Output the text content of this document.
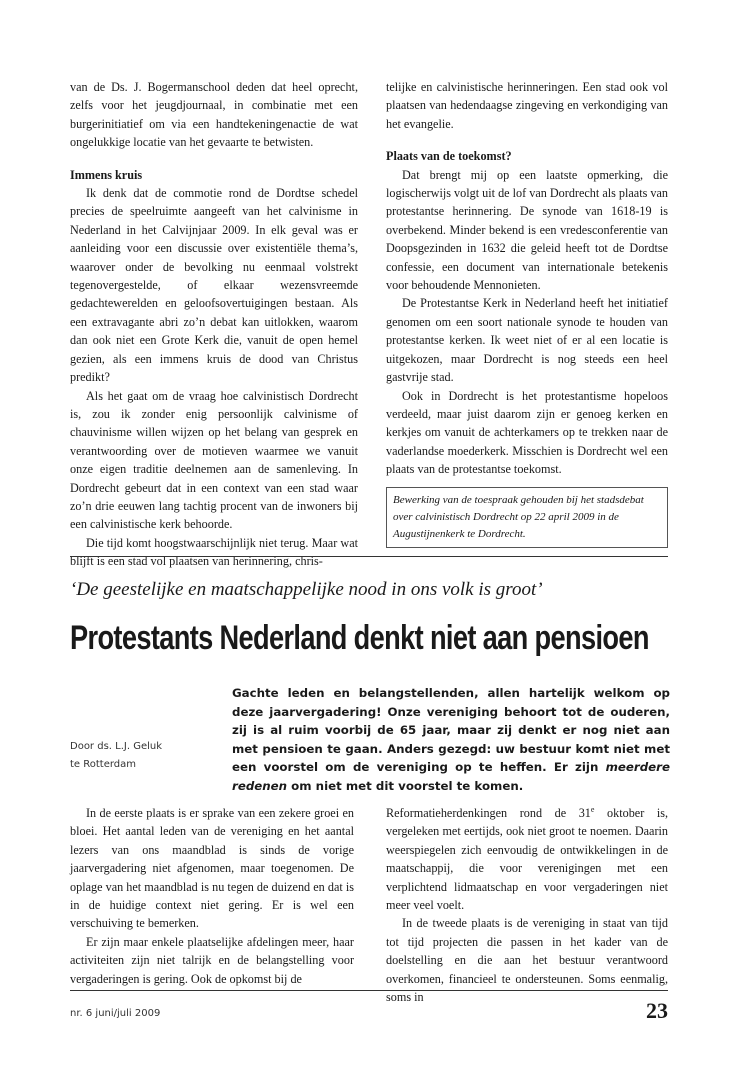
van de Ds. J. Bogermanschool deden dat heel oprecht, zelfs voor het jeugdjournaal, in combinatie met een burgerinitiatief om via een handtekeningenactie de wat ongelukkige locatie van het gevaarte te betwisten.

Immens kruis

Ik denk dat de commotie rond de Dordtse schedel precies de speelruimte aangeeft van het calvinisme in Nederland in het Calvijnjaar 2009. In elk geval was er aanleiding voor een discussie over existentiële thema’s, waarover onder de bevolking nu eenmaal volstrekt tegenovergestelde, of elkaar wezensvreemde gedachtewerelden en geloofsovertuigingen bestaan. Als een extravagante abri zo’n debat kan uitlokken, waarom dan ook niet een Grote Kerk die, vanuit de open hemel gezien, als een immens kruis de dood van Christus predikt?

Als het gaat om de vraag hoe calvinistisch Dordrecht is, zou ik zonder enig persoonlijk calvinisme of chauvinisme willen wijzen op het belang van gesprek en verantwoording over de motieven waarmee we vanuit onze eigen traditie deelnemen aan de samenleving. In Dordrecht gebeurt dat in een context van een stad waar zo’n drie eeuwen lang tachtig procent van de inwoners bij een calvinistische kerk behoorde.

Die tijd komt hoogstwaarschijnlijk niet terug. Maar wat blijft is een stad vol plaatsen van herinnering, chris-

telijke en calvinistische herinneringen. Een stad ook vol plaatsen van hedendaagse zingeving en verkondiging van het evangelie.

Plaats van de toekomst?

Dat brengt mij op een laatste opmerking, die logischerwijs volgt uit de lof van Dordrecht als plaats van protestantse herinnering. De synode van 1618-19 is overbekend. Minder bekend is een vredesconferentie van Doopsgezinden in 1632 die geleid heeft tot de Dordtse confessie, een document van internationale betekenis voor behoudende Mennonieten.

De Protestantse Kerk in Nederland heeft het initiatief genomen om een soort nationale synode te houden van protestantse kerken. Ik weet niet of er al een locatie is uitgekozen, maar Dordrecht is nog steeds een heel gastvrije stad.

Ook in Dordrecht is het protestantisme hopeloos verdeeld, maar juist daarom zijn er genoeg kerken en kerkjes om vanuit de achterkamers op te trekken naar de vaderlandse moederkerk. Misschien is Dordrecht wel een plaats van de protestantse toekomst.

Bewerking van de toespraak gehouden bij het stadsdebat over calvinistisch Dordrecht op 22 april 2009 in de Augustijnenkerk te Dordrecht.
‘De geestelijke en maatschappelijke nood in ons volk is groot’
Protestants Nederland denkt niet aan pensioen
Door ds. L.J. Geluk
te Rotterdam
Gachte leden en belangstellenden, allen hartelijk welkom op deze jaarvergadering! Onze vereniging behoort tot de ouderen, zij is al ruim voorbij de 65 jaar, maar zij denkt er nog niet aan met pensioen te gaan. Anders gezegd: uw bestuur komt niet met een voorstel om de vereniging op te heffen. Er zijn meerdere redenen om niet met dit voorstel te komen.

In de eerste plaats is er sprake van een zekere groei en bloei. Het aantal leden van de vereniging en het aantal lezers van ons maandblad is sinds de vorige jaarvergadering niet afgenomen, maar toegenomen. De oplage van het maandblad is nu tegen de duizend en dat is in de huidige context niet gering. Er is wel een verschuiving te bemerken.

Er zijn maar enkele plaatselijke afdelingen meer, haar activiteiten zijn niet talrijk en de belangstelling voor vergaderingen is gering. Ook de opkomst bij de

Reformatieherdenkingen rond de 31e oktober is, vergeleken met eertijds, ook niet groot te noemen. Daarin weerspiegelen zich eenvoudig de ontwikkelingen in de maatschappij, die voor verenigingen met een verplichtend lidmaatschap en voor vergaderingen niet meer veel voelt.

In de tweede plaats is de vereniging in staat van tijd tot tijd projecten die passen in het kader van de doelstelling en die aan het bestuur verantwoord overkomen, financieel te ondersteunen. Soms eenmalig, soms in

nr. 6 juni/juli 2009	23
